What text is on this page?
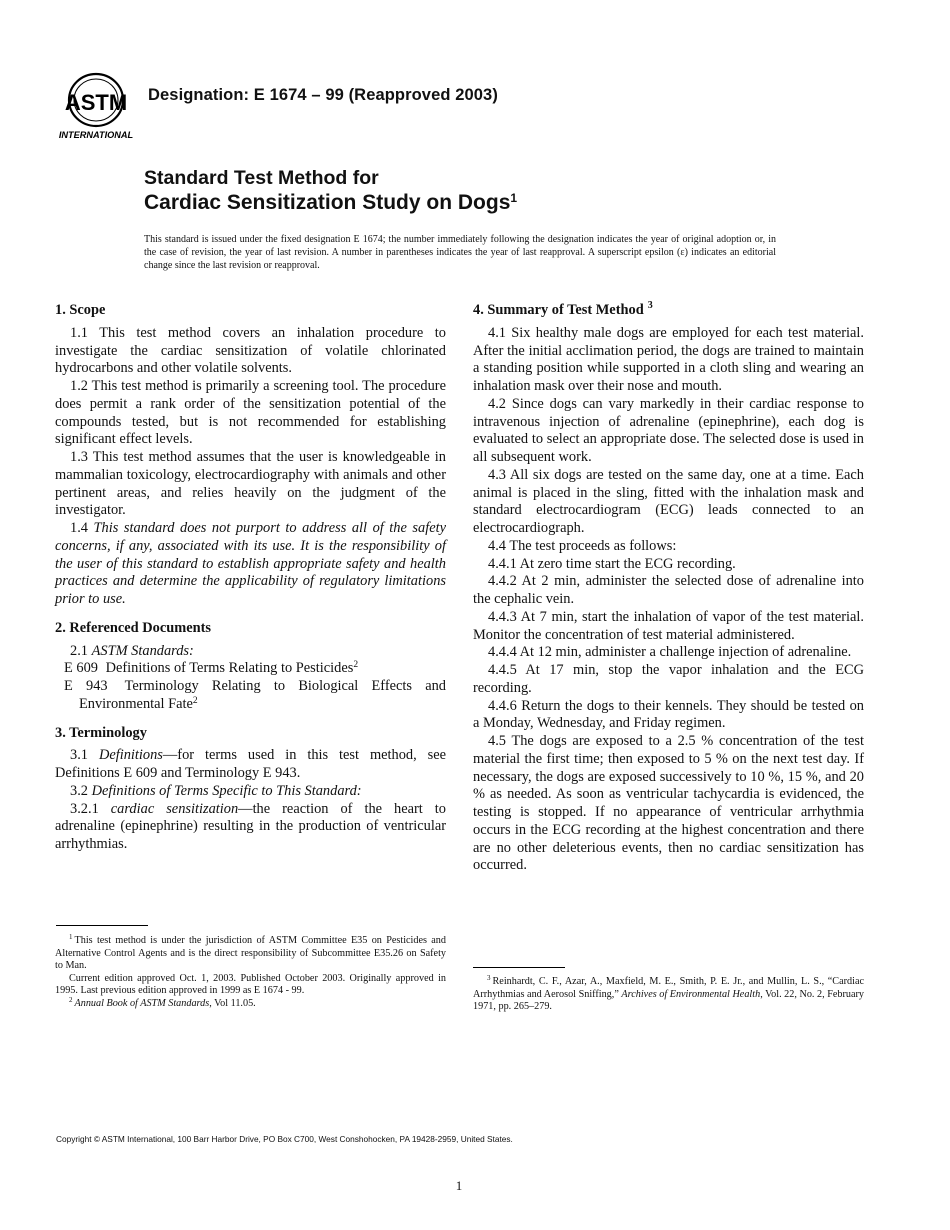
ASTM
INTERNATIONAL
Designation: E 1674 – 99 (Reapproved 2003)
Standard Test Method for
Cardiac Sensitization Study on Dogs$^1$
This standard is issued under the fixed designation E 1674; the number immediately following the designation indicates the year of original adoption or, in the case of revision, the year of last revision. A number in parentheses indicates the year of last reapproval. A superscript epsilon (ε) indicates an editorial change since the last revision or reapproval.
1. Scope

1.1 This test method covers an inhalation procedure to investigate the cardiac sensitization of volatile chlorinated hydrocarbons and other volatile solvents.

1.2 This test method is primarily a screening tool. The procedure does permit a rank order of the sensitization potential of the compounds tested, but is not recommended for establishing significant effect levels.

1.3 This test method assumes that the user is knowledgeable in mammalian toxicology, electrocardiography with animals and other pertinent areas, and relies heavily on the judgment of the investigator.

1.4 This standard does not purport to address all of the safety concerns, if any, associated with its use. It is the responsibility of the user of this standard to establish appropriate safety and health practices and determine the applicability of regulatory limitations prior to use.

2. Referenced Documents

2.1 ASTM Standards:

E 609 Definitions of Terms Relating to Pesticides$^2$
E 943 Terminology Relating to Biological Effects and Environmental Fate$^2$
3. Terminology

3.1 Definitions—for terms used in this test method, see Definitions E 609 and Terminology E 943.

3.2 Definitions of Terms Specific to This Standard:

3.2.1 cardiac sensitization—the reaction of the heart to adrenaline (epinephrine) resulting in the production of ventricular arrhythmias.

4. Summary of Test Method $^3$

4.1 Six healthy male dogs are employed for each test material. After the initial acclimation period, the dogs are trained to maintain a standing position while supported in a cloth sling and wearing an inhalation mask over their nose and mouth.

4.2 Since dogs can vary markedly in their cardiac response to intravenous injection of adrenaline (epinephrine), each dog is evaluated to select an appropriate dose. The selected dose is used in all subsequent work.

4.3 All six dogs are tested on the same day, one at a time. Each animal is placed in the sling, fitted with the inhalation mask and standard electrocardiogram (ECG) leads connected to an electrocardiograph.

4.4 The test proceeds as follows:

4.4.1 At zero time start the ECG recording.

4.4.2 At 2 min, administer the selected dose of adrenaline into the cephalic vein.

4.4.3 At 7 min, start the inhalation of vapor of the test material. Monitor the concentration of test material administered.

4.4.4 At 12 min, administer a challenge injection of adrenaline.

4.4.5 At 17 min, stop the vapor inhalation and the ECG recording.

4.4.6 Return the dogs to their kennels. They should be tested on a Monday, Wednesday, and Friday regimen.

4.5 The dogs are exposed to a 2.5 % concentration of the test material the first time; then exposed to 5 % on the next test day. If necessary, the dogs are exposed successively to 10 %, 15 %, and 20 % as needed. As soon as ventricular tachycardia is evidenced, the testing is stopped. If no appearance of ventricular arrhythmia occurs in the ECG recording at the highest concentration and there are no other deleterious events, then no cardiac sensitization has occurred.

$^1$ This test method is under the jurisdiction of ASTM Committee E35 on Pesticides and Alternative Control Agents and is the direct responsibility of Subcommittee E35.26 on Safety to Man.

Current edition approved Oct. 1, 2003. Published October 2003. Originally approved in 1995. Last previous edition approved in 1999 as E 1674 - 99.

$^2$ Annual Book of ASTM Standards, Vol 11.05.

$^3$ Reinhardt, C. F., Azar, A., Maxfield, M. E., Smith, P. E. Jr., and Mullin, L. S., “Cardiac Arrhythmias and Aerosol Sniffing,” Archives of Environmental Health, Vol. 22, No. 2, February 1971, pp. 265–279.

Copyright © ASTM International, 100 Barr Harbor Drive, PO Box C700, West Conshohocken, PA 19428-2959, United States.
1
